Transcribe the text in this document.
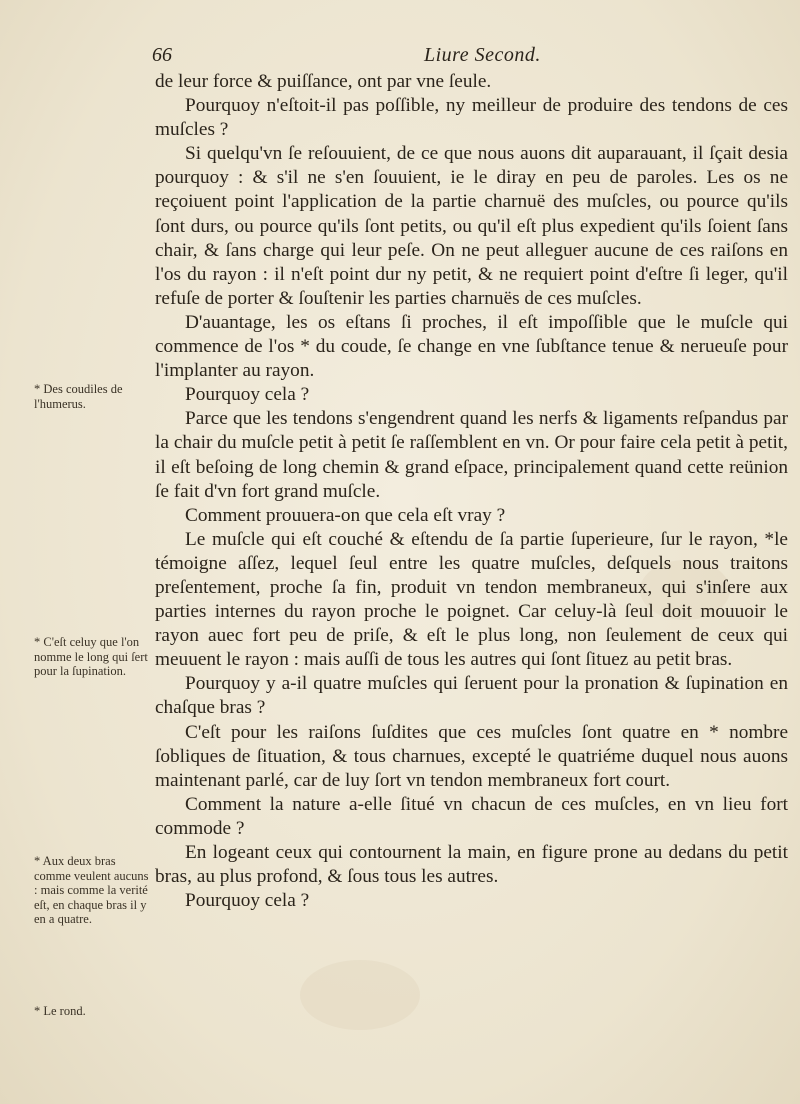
66	Liure Second.

de leur force & puiſſance, ont par vne ſeule.

Pourquoy n'eſtoit-il pas poſſible, ny meilleur de produire des tendons de ces muſcles ?

Si quelqu'vn ſe reſouuient, de ce que nous auons dit auparauant, il ſçait desia pourquoy : & s'il ne s'en ſouuient, ie le diray en peu de paroles. Les os ne reçoiuent point l'application de la partie charnuë des muſcles, ou pource qu'ils ſont durs, ou pource qu'ils ſont petits, ou qu'il eſt plus expedient qu'ils ſoient ſans chair, & ſans charge qui leur peſe. On ne peut alleguer aucune de ces raiſons en l'os du rayon : il n'eſt point dur ny petit, & ne requiert point d'eſtre ſi leger, qu'il refuſe de porter & ſouſtenir les parties charnuës de ces muſcles.

D'auantage, les os eſtans ſi proches, il eſt impoſſible que le muſcle qui commence de l'os * du coude, ſe change en vne ſubſtance tenue & nerueuſe pour l'implanter au rayon.

Pourquoy cela ?

Parce que les tendons s'engendrent quand les nerfs & ligaments reſpandus par la chair du muſcle petit à petit ſe raſſemblent en vn. Or pour faire cela petit à petit, il eſt beſoing de long chemin & grand eſpace, principalement quand cette reünion ſe fait d'vn fort grand muſcle.

Comment prouuera-on que cela eſt vray ?

Le muſcle qui eſt couché & eſtendu de ſa partie ſuperieure, ſur le rayon, *le témoigne aſſez, lequel ſeul entre les quatre muſcles, deſquels nous traitons preſentement, proche ſa fin, produit vn tendon membraneux, qui s'inſere aux parties internes du rayon proche le poignet. Car celuy-là ſeul doit mouuoir le rayon auec fort peu de priſe, & eſt le plus long, non ſeulement de ceux qui meuuent le rayon : mais auſſi de tous les autres qui ſont ſituez au petit bras.

Pourquoy y a-il quatre muſcles qui ſeruent pour la pronation & ſupination en chaſque bras ?

C'eſt pour les raiſons ſuſdites que ces muſcles ſont quatre en * nombre ſobliques de ſituation, & tous charnues, excepté le quatriéme duquel nous auons maintenant parlé, car de luy ſort vn tendon membraneux fort court.

Comment la nature a-elle ſitué vn chacun de ces muſcles, en vn lieu fort commode ?

En logeant ceux qui contournent la main, en figure prone au dedans du petit bras, au plus profond, & ſous tous les autres.

Pourquoy cela ?

* Des coudiles de l'humerus.
* C'eſt celuy que l'on nomme le long qui ſert pour la ſupination.
* Aux deux bras comme veulent aucuns : mais comme la verité eſt, en chaque bras il y en a quatre.
* Le rond.
